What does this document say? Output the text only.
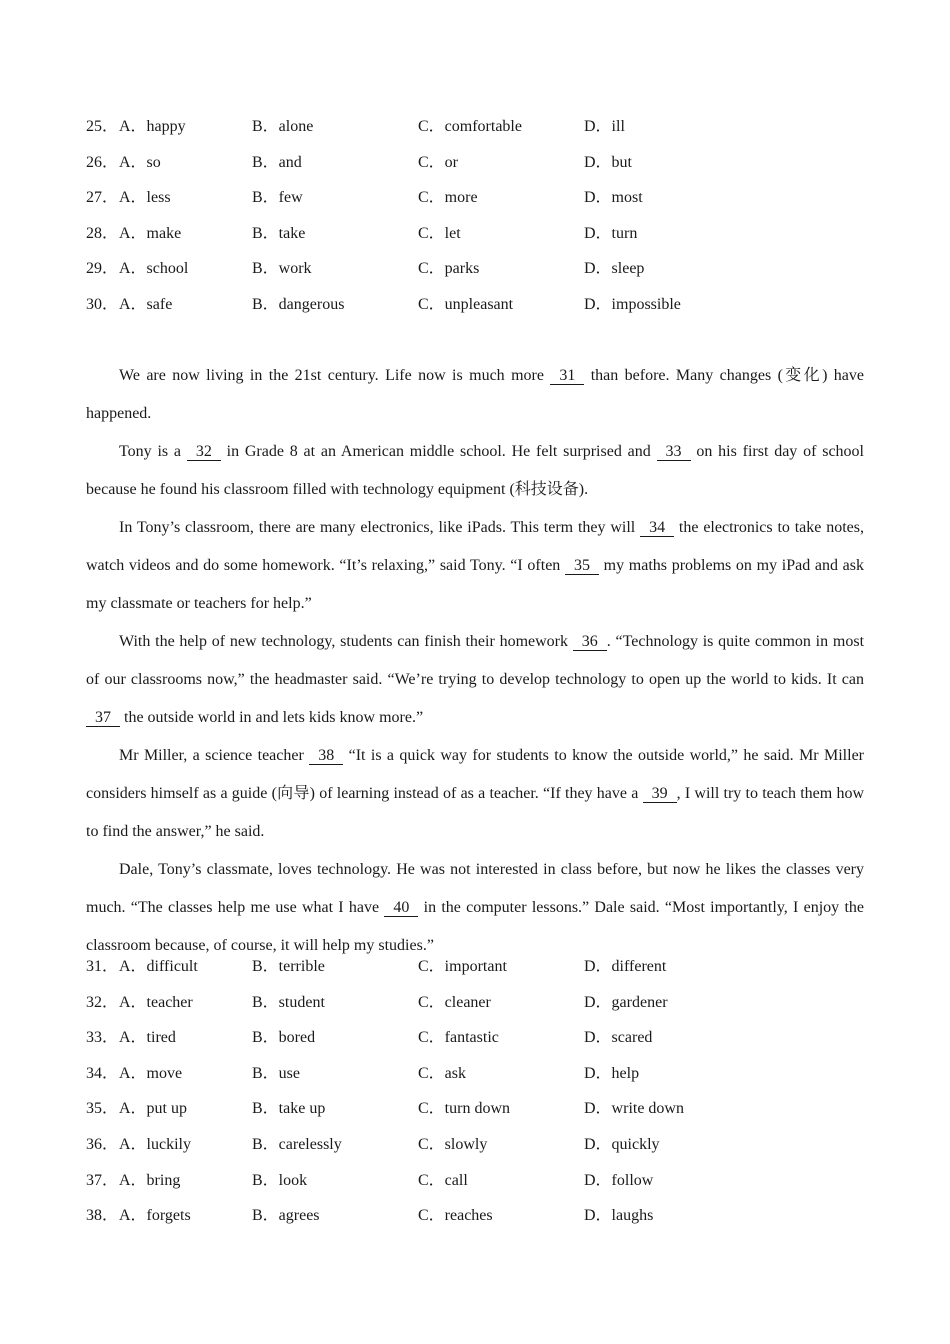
25． A．happy	B．alone	C．comfortable	D．ill
26． A．so	B．and	C．or	D．but
27． A．less	B．few	C．more	D．most
28． A．make	B．take	C．let	D．turn
29． A．school	B．work	C．parks	D．sleep
30． A．safe	B．dangerous	C．unpleasant	D．impossible

We are now living in the 21st century. Life now is much more 31 than before. Many changes (变化) have happened.

Tony is a 32 in Grade 8 at an American middle school. He felt surprised and 33 on his first day of school because he found his classroom filled with technology equipment (科技设备).

In Tony’s classroom, there are many electronics, like iPads. This term they will 34 the electronics to take notes, watch videos and do some homework. “It’s relaxing,” said Tony. “I often 35 my maths problems on my iPad and ask my classmate or teachers for help.”

With the help of new technology, students can finish their homework 36 . “Technology is quite common in most of our classrooms now,” the headmaster said. “We’re trying to develop technology to open up the world to kids. It can 37 the outside world in and lets kids know more.”

Mr Miller, a science teacher 38 “It is a quick way for students to know the outside world,” he said. Mr Miller considers himself as a guide (向导) of learning instead of as a teacher. “If they have a 39 , I will try to teach them how to find the answer,” he said.

Dale, Tony’s classmate, loves technology. He was not interested in class before, but now he likes the classes very much. “The classes help me use what I have 40 in the computer lessons.” Dale said. “Most importantly, I enjoy the classroom because, of course, it will help my studies.”

31． A．difficult	B．terrible	C．important	D．different
32． A．teacher	B．student	C．cleaner	D．gardener
33． A．tired	B．bored	C．fantastic	D．scared
34． A．move	B．use	C．ask	D．help
35． A．put up	B．take up	C．turn down	D．write down
36． A．luckily	B．carelessly	C．slowly	D．quickly
37． A．bring	B．look	C．call	D．follow
38． A．forgets	B．agrees	C．reaches	D．laughs
